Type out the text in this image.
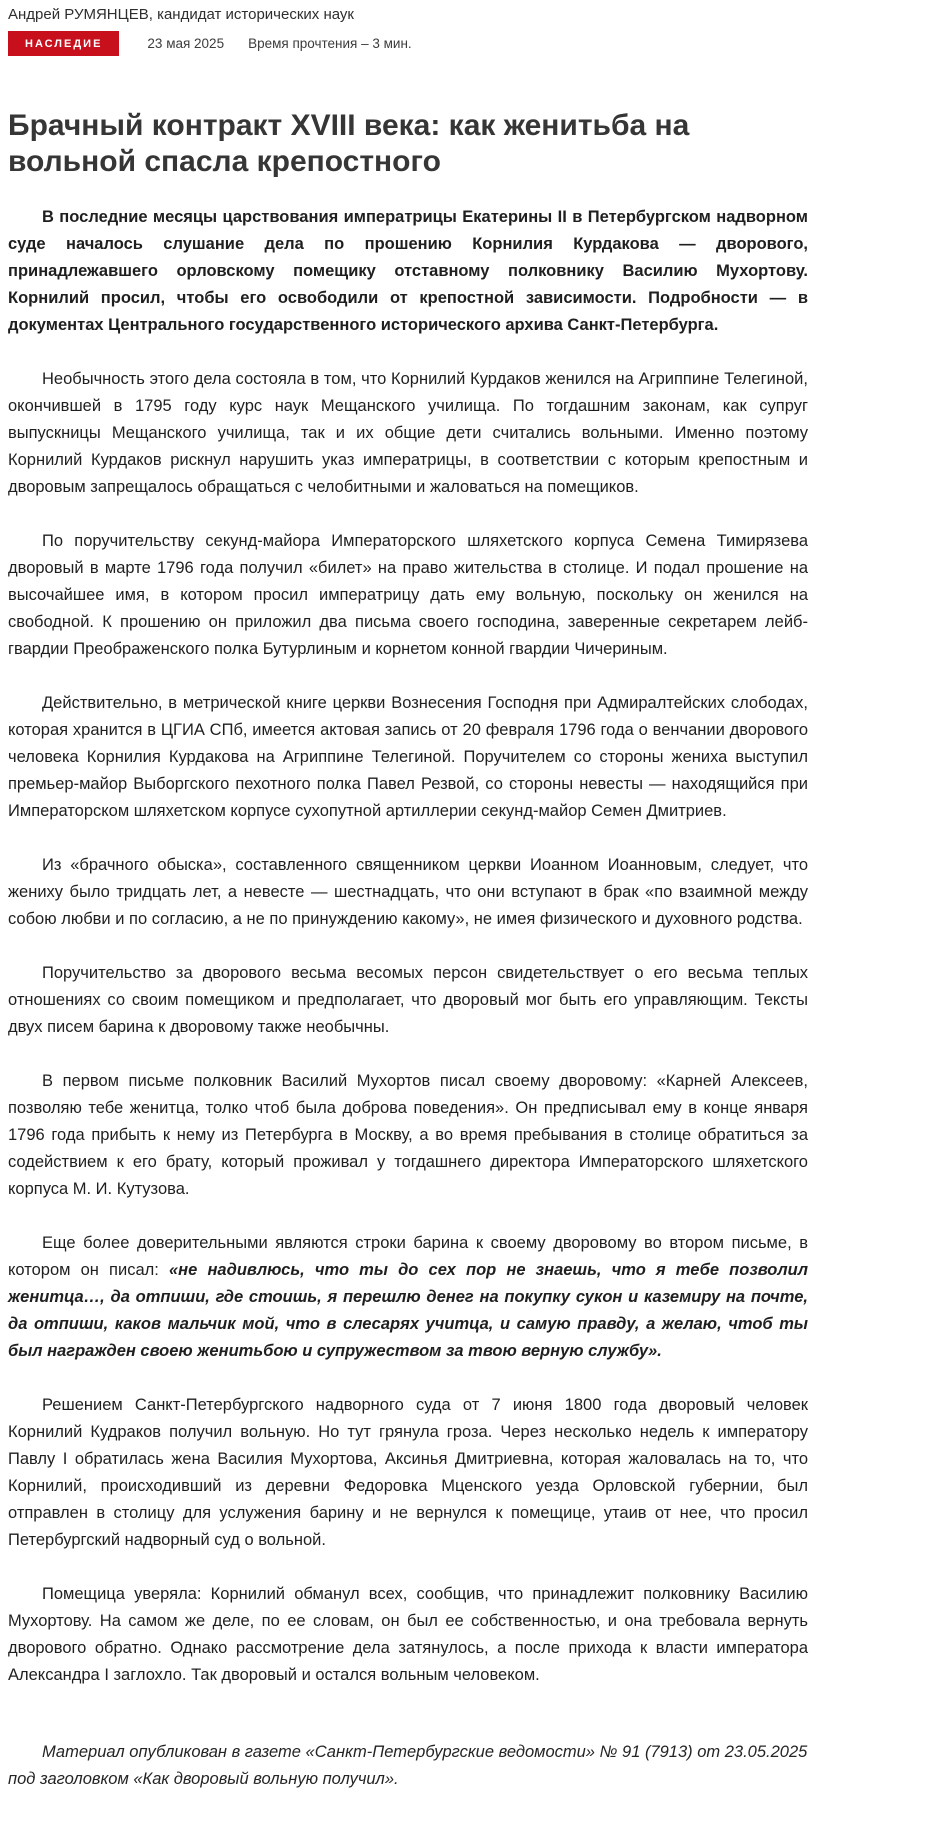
Андрей РУМЯНЦЕВ, кандидат исторических наук
НАСЛЕДИЕ	23 мая 2025 Время прочтения – 3 мин.
Брачный контракт XVIII века: как женитьба на вольной спасла крепостного

В последние месяцы царствования императрицы Екатерины II в Петербургском надворном суде началось слушание дела по прошению Корнилия Курдакова — дворового, принадлежавшего орловскому помещику отставному полковнику Василию Мухортову. Корнилий просил, чтобы его освободили от крепостной зависимости. Подробности — в документах Центрального государственного исторического архива Санкт-Петербурга.

Необычность этого дела состояла в том, что Корнилий Курдаков женился на Агриппине Телегиной, окончившей в 1795 году курс наук Мещанского училища. По тогдашним законам, как супруг выпускницы Мещанского училища, так и их общие дети считались вольными. Именно поэтому Корнилий Курдаков рискнул нарушить указ императрицы, в соответствии с которым крепостным и дворовым запрещалось обращаться с челобитными и жаловаться на помещиков.

По поручительству секунд-майора Императорского шляхетского корпуса Семена Тимирязева дворовый в марте 1796 года получил «билет» на право жительства в столице. И подал прошение на высочайшее имя, в котором просил императрицу дать ему вольную, поскольку он женился на свободной. К прошению он приложил два письма своего господина, заверенные секретарем лейб-гвардии Преображенского полка Бутурлиным и корнетом конной гвардии Чичериным.

Действительно, в метрической книге церкви Вознесения Господня при Адмиралтейских слободах, которая хранится в ЦГИА СПб, имеется актовая запись от 20 февраля 1796 года о венчании дворового человека Корнилия Курдакова на Агриппине Телегиной. Поручителем со стороны жениха выступил премьер-майор Выборгского пехотного полка Павел Резвой, со стороны невесты — находящийся при Императорском шляхетском корпусе сухопутной артиллерии секунд-майор Семен Дмитриев.

Из «брачного обыска», составленного священником церкви Иоанном Иоанновым, следует, что жениху было тридцать лет, а невесте — шестнадцать, что они вступают в брак «по взаимной между собою любви и по согласию, а не по принуждению какому», не имея физического и духовного родства.

Поручительство за дворового весьма весомых персон свидетельствует о его весьма теплых отношениях со своим помещиком и предполагает, что дворовый мог быть его управляющим. Тексты двух писем барина к дворовому также необычны.

В первом письме полковник Василий Мухортов писал своему дворовому: «Карней Алексеев, позволяю тебе женитца, толко чтоб была доброва поведения». Он предписывал ему в конце января 1796 года прибыть к нему из Петербурга в Москву, а во время пребывания в столице обратиться за содействием к его брату, который проживал у тогдашнего директора Императорского шляхетского корпуса М. И. Кутузова.

Еще более доверительными являются строки барина к своему дворовому во втором письме, в котором он писал: «не надивлюсь, что ты до сех пор не знаешь, что я тебе позволил женитца…, да отпиши, где стоишь, я перешлю денег на покупку сукон и каземиру на почте, да отпиши, каков мальчик мой, что в слесарях учитца, и самую правду, а желаю, чтоб ты был награжден своею женитьбою и супружеством за твою верную службу».

Решением Санкт-Петербургского надворного суда от 7 июня 1800 года дворовый человек Корнилий Кудраков получил вольную. Но тут грянула гроза. Через несколько недель к императору Павлу I обратилась жена Василия Мухортова, Аксинья Дмитриевна, которая жаловалась на то, что Корнилий, происходивший из деревни Федоровка Мценского уезда Орловской губернии, был отправлен в столицу для услужения барину и не вернулся к помещице, утаив от нее, что просил Петербургский надворный суд о вольной.

Помещица уверяла: Корнилий обманул всех, сообщив, что принадлежит полковнику Василию Мухортову. На самом же деле, по ее словам, он был ее собственностью, и она требовала вернуть дворового обратно. Однако рассмотрение дела затянулось, а после прихода к власти императора Александра I заглохло. Так дворовый и остался вольным человеком.

Материал опубликован в газете «Санкт-Петербургские ведомости» № 91 (7913) от 23.05.2025 под заголовком «Как дворовый вольную получил».
